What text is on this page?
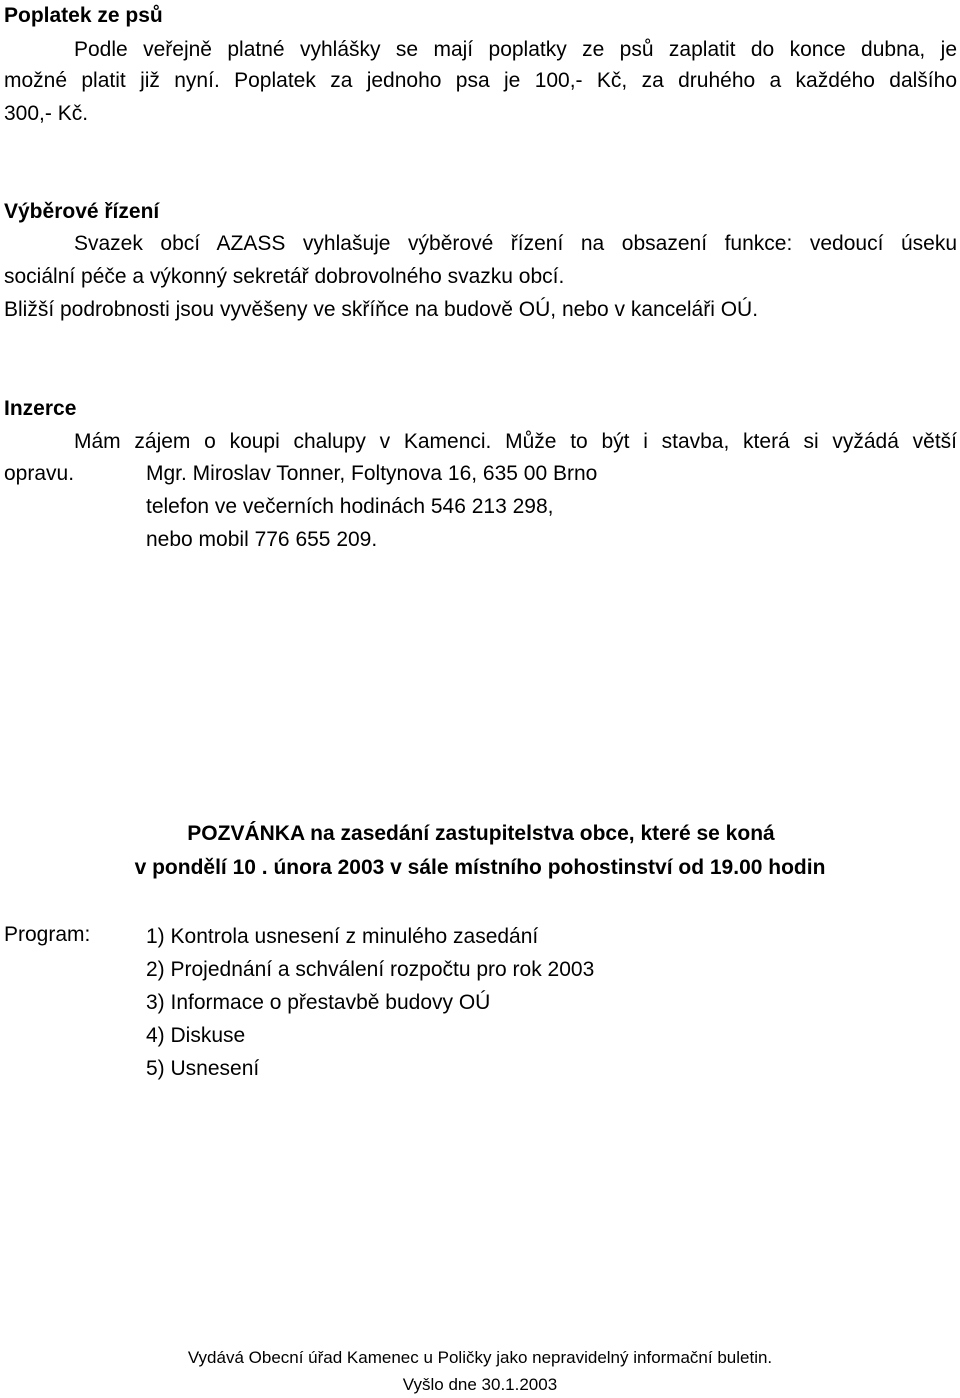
Poplatek ze psů
Podle veřejně platné vyhlášky se mají poplatky ze psů zaplatit do konce dubna, je
možné platit již nyní. Poplatek za jednoho psa je 100,- Kč, za druhého a každého dalšího
300,- Kč.
Výběrové řízení
Svazek obcí AZASS vyhlašuje výběrové řízení na obsazení funkce: vedoucí úseku
sociální péče a výkonný sekretář dobrovolného svazku obcí.
Bližší podrobnosti jsou vyvěšeny ve skříňce na budově OÚ, nebo v kanceláři OÚ.
Inzerce
Mám zájem o koupi chalupy v Kamenci. Může to být i stavba, která si vyžádá větší
opravu.	Mgr. Miroslav Tonner, Foltynova 16, 635 00 Brno
telefon ve večerních hodinách 546 213 298,
nebo mobil 776 655 209.
POZVÁNKA na zasedání zastupitelstva obce, které se koná
v pondělí 10 . února 2003 v sále místního pohostinství od 19.00 hodin
Program:	1) Kontrola usnesení z minulého zasedání
2) Projednání a schválení rozpočtu pro rok 2003
3) Informace o přestavbě budovy OÚ
4) Diskuse
5) Usnesení
Vydává Obecní úřad Kamenec u Poličky jako nepravidelný informační buletin.
Vyšlo dne 30.1.2003
